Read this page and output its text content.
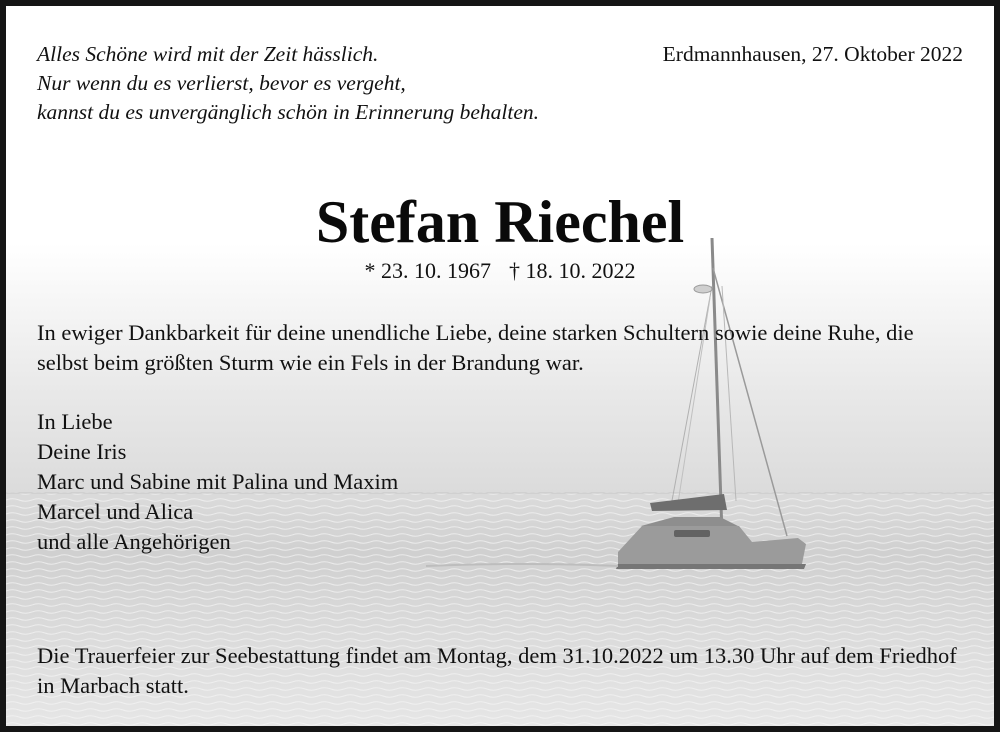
Alles Schöne wird mit der Zeit hässlich.
Nur wenn du es verlierst, bevor es vergeht,
kannst du es unvergänglich schön in Erinnerung behalten.

Erdmannhausen, 27. Oktober 2022
Stefan Riechel
* 23. 10. 1967 † 18. 10. 2022

In ewiger Dankbarkeit für deine unendliche Liebe, deine starken Schultern sowie deine Ruhe, die selbst beim größten Sturm wie ein Fels in der Brandung war.

In Liebe
Deine Iris
Marc und Sabine mit Palina und Maxim
Marcel und Alica
und alle Angehörigen

Die Trauerfeier zur Seebestattung findet am Montag, dem 31.10.2022 um 13.30 Uhr auf dem Friedhof in Marbach statt.
